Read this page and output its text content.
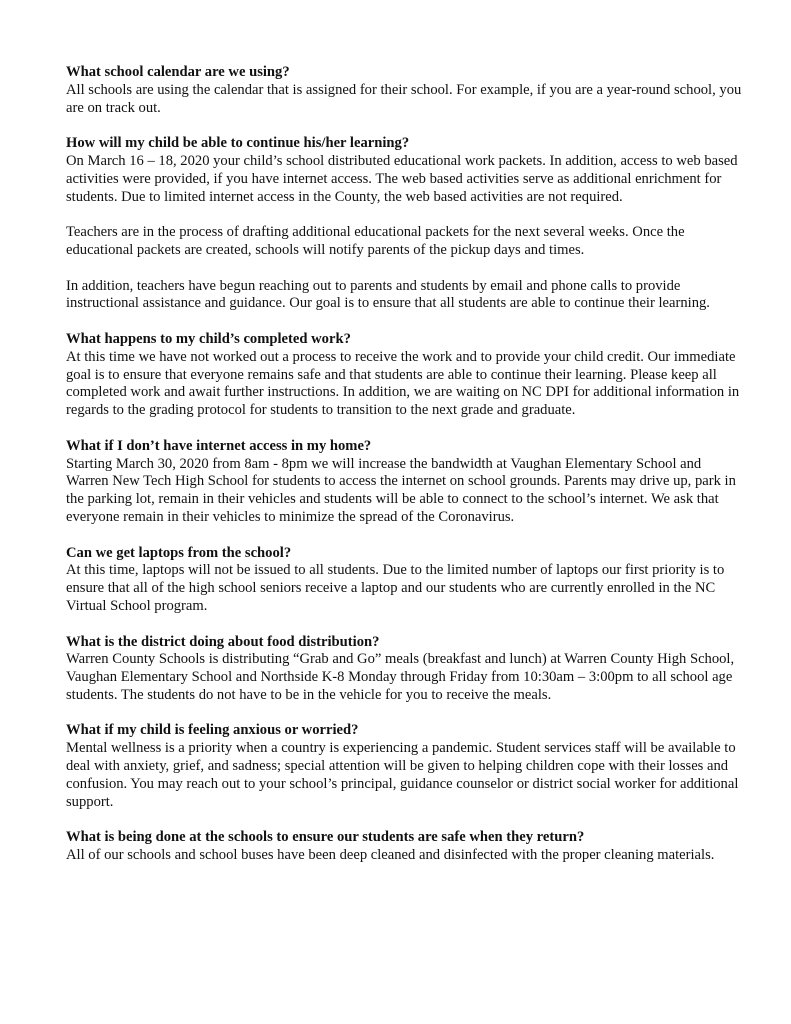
What school calendar are we using?

All schools are using the calendar that is assigned for their school. For example, if you are a year-round school, you are on track out.

How will my child be able to continue his/her learning?

On March 16 – 18, 2020 your child’s school distributed educational work packets. In addition, access to web based activities were provided, if you have internet access. The web based activities serve as additional enrichment for students. Due to limited internet access in the County, the web based activities are not required.

Teachers are in the process of drafting additional educational packets for the next several weeks. Once the educational packets are created, schools will notify parents of the pickup days and times.

In addition, teachers have begun reaching out to parents and students by email and phone calls to provide instructional assistance and guidance. Our goal is to ensure that all students are able to continue their learning.

What happens to my child’s completed work?

At this time we have not worked out a process to receive the work and to provide your child credit. Our immediate goal is to ensure that everyone remains safe and that students are able to continue their learning. Please keep all completed work and await further instructions. In addition, we are waiting on NC DPI for additional information in regards to the grading protocol for students to transition to the next grade and graduate.

What if I don’t have internet access in my home?

Starting March 30, 2020 from 8am - 8pm we will increase the bandwidth at Vaughan Elementary School and Warren New Tech High School for students to access the internet on school grounds. Parents may drive up, park in the parking lot, remain in their vehicles and students will be able to connect to the school’s internet. We ask that everyone remain in their vehicles to minimize the spread of the Coronavirus.

Can we get laptops from the school?

At this time, laptops will not be issued to all students. Due to the limited number of laptops our first priority is to ensure that all of the high school seniors receive a laptop and our students who are currently enrolled in the NC Virtual School program.

What is the district doing about food distribution?

Warren County Schools is distributing “Grab and Go” meals (breakfast and lunch) at Warren County High School, Vaughan Elementary School and Northside K-8 Monday through Friday from 10:30am – 3:00pm to all school age students. The students do not have to be in the vehicle for you to receive the meals.

What if my child is feeling anxious or worried?

Mental wellness is a priority when a country is experiencing a pandemic. Student services staff will be available to deal with anxiety, grief, and sadness; special attention will be given to helping children cope with their losses and confusion. You may reach out to your school’s principal, guidance counselor or district social worker for additional support.

What is being done at the schools to ensure our students are safe when they return?

All of our schools and school buses have been deep cleaned and disinfected with the proper cleaning materials.
